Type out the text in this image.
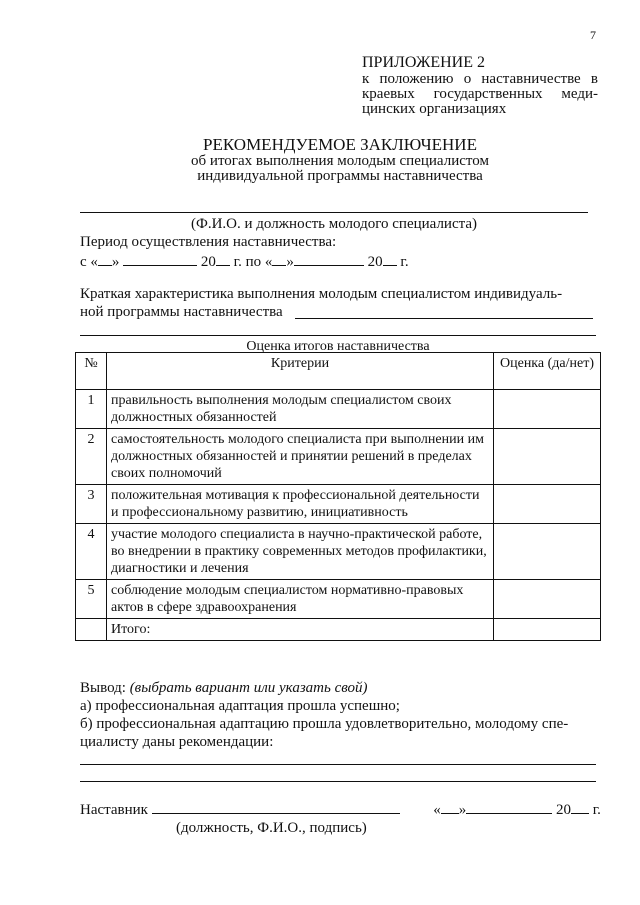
7
ПРИЛОЖЕНИЕ 2
к положению о наставничестве в
краевых государственных меди-
цинских организациях
РЕКОМЕНДУЕМОЕ ЗАКЛЮЧЕНИЕ
об итогах выполнения молодым специалистом
индивидуальной программы наставничества
(Ф.И.О. и должность молодого специалиста)
Период осуществления наставничества:
с « »	20 г. по « »	20 г.
Краткая характеристика выполнения молодым специалистом индивидуаль-
ной программы наставничества
Оценка итогов наставничества
№	Критерии	Оценка (да/нет)
1	правильность выполнения молодым специалистом своих должностных обязанностей	
2	самостоятельность молодого специалиста при выполнении им должностных обязанностей и принятии решений в пределах своих полномочий	
3	положительная мотивация к профессиональной деятельности и профессиональному развитию, инициативность	
4	участие молодого специалиста в научно-практической работе, во внедрении в практику современных методов профилактики, диагностики и лечения	
5	соблюдение молодым специалистом нормативно-правовых актов в сфере здравоохранения	
	Итого:	
Вывод: (выбрать вариант или указать свой)
а) профессиональная адаптация прошла успешно;
б) профессиональная адаптацию прошла удовлетворительно, молодому спе-
циалисту даны рекомендации:
Наставник	« »	20 г.
(должность, Ф.И.О., подпись)
